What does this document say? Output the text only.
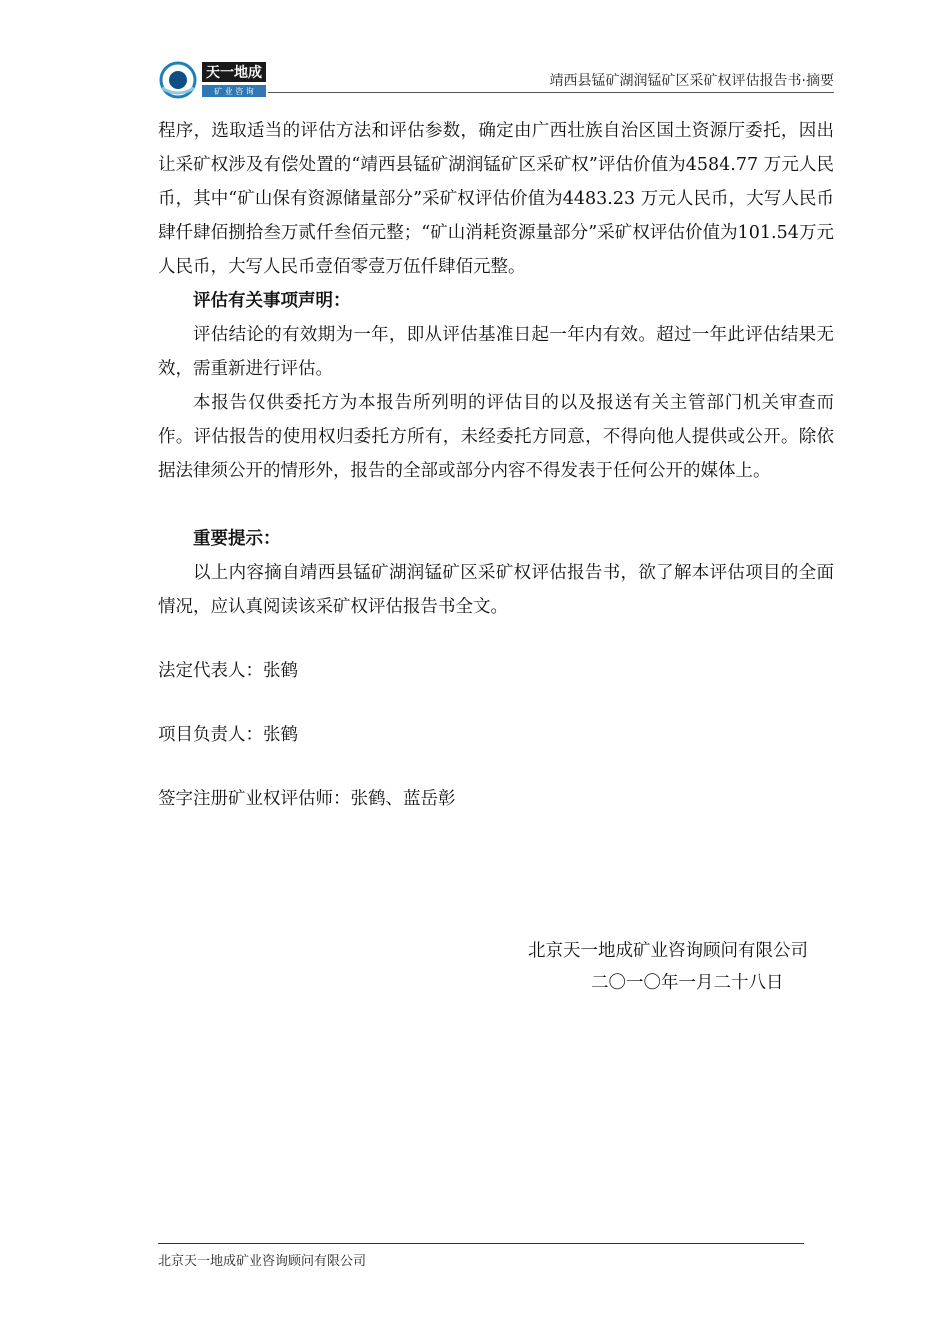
天一地成
矿 业 咨 询
靖西县锰矿湖润锰矿区采矿权评估报告书·摘要

程序，选取适当的评估方法和评估参数，确定由广西壮族自治区国土资源厅委托，因出让采矿权涉及有偿处置的“靖西县锰矿湖润锰矿区采矿权”评估价值为4584.77 万元人民币，其中“矿山保有资源储量部分”采矿权评估价值为4483.23 万元人民币，大写人民币肆仟肆佰捌拾叁万贰仟叁佰元整；“矿山消耗资源量部分”采矿权评估价值为101.54万元人民币，大写人民币壹佰零壹万伍仟肆佰元整。

评估有关事项声明：

评估结论的有效期为一年，即从评估基准日起一年内有效。超过一年此评估结果无效，需重新进行评估。

本报告仅供委托方为本报告所列明的评估目的以及报送有关主管部门机关审查而作。评估报告的使用权归委托方所有，未经委托方同意，不得向他人提供或公开。除依据法律须公开的情形外，报告的全部或部分内容不得发表于任何公开的媒体上。

重要提示：

以上内容摘自靖西县锰矿湖润锰矿区采矿权评估报告书，欲了解本评估项目的全面情况，应认真阅读该采矿权评估报告书全文。

法定代表人：张鹤

项目负责人：张鹤

签字注册矿业权评估师：张鹤、蓝岳彰

北京天一地成矿业咨询顾问有限公司
二〇一〇年一月二十八日
北京天一地成矿业咨询顾问有限公司
